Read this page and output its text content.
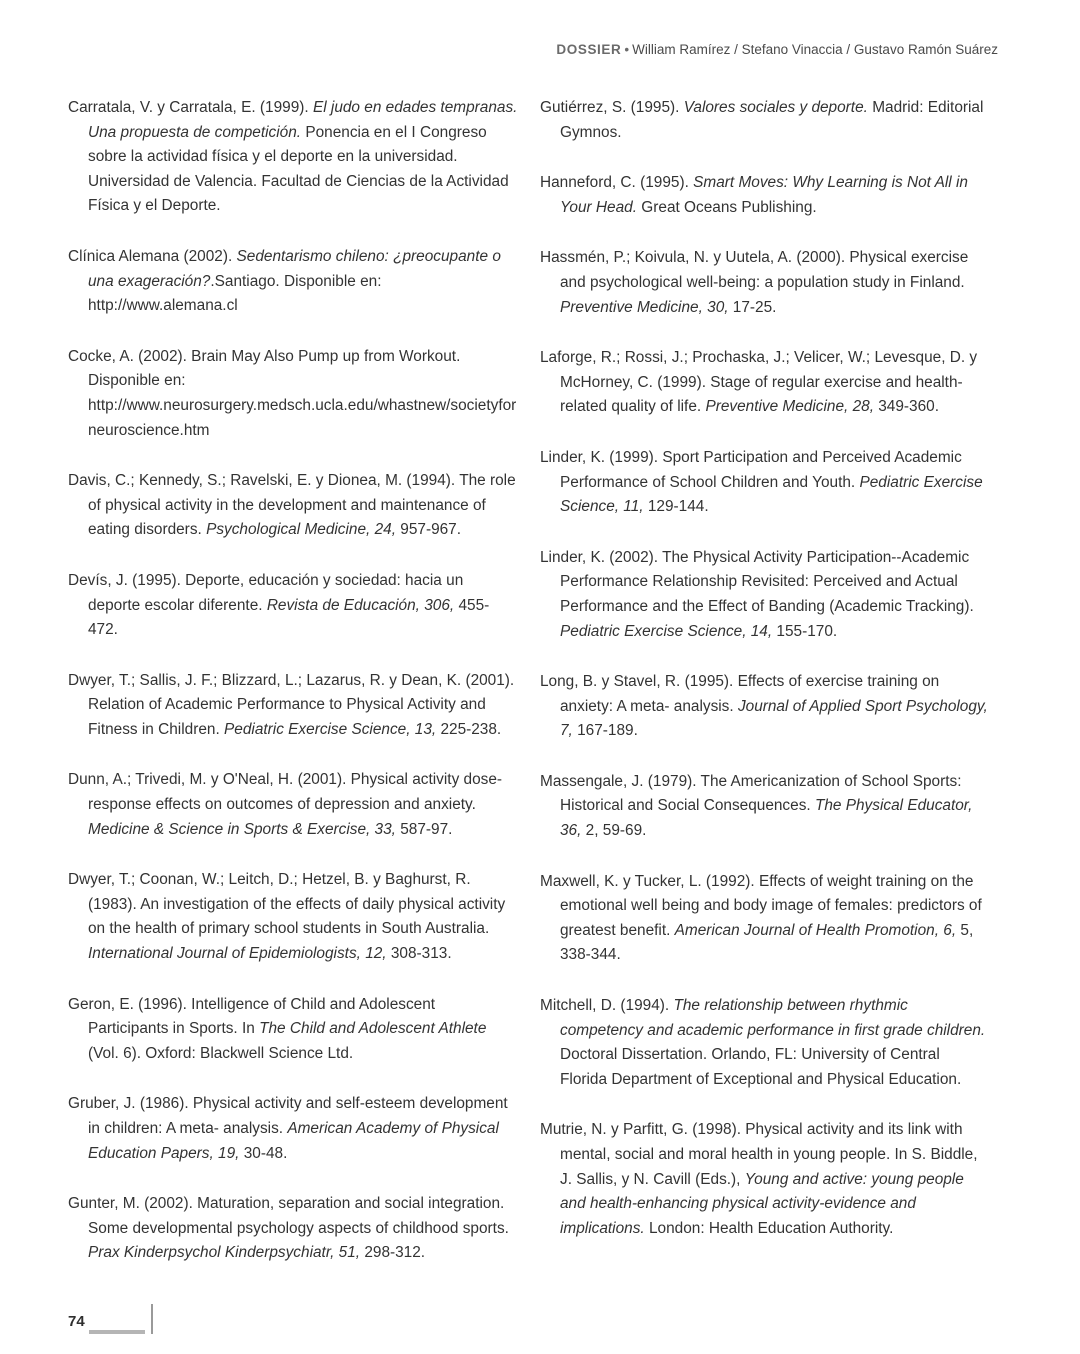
DOSSIER • William Ramírez / Stefano Vinaccia / Gustavo Ramón Suárez

Carratala, V. y Carratala, E. (1999). El judo en edades tempranas. Una propuesta de competición. Ponencia en el I Congreso sobre la actividad física y el deporte en la universidad. Universidad de Valencia. Facultad de Ciencias de la Actividad Física y el Deporte.

Clínica Alemana (2002). Sedentarismo chileno: ¿preocupante o una exageración?.Santiago. Disponible en: http://www.alemana.cl

Cocke, A. (2002). Brain May Also Pump up from Workout. Disponible en: http://www.neurosurgery.medsch.ucla.edu/whastnew/societyforneuroscience.htm

Davis, C.; Kennedy, S.; Ravelski, E. y Dionea, M. (1994). The role of physical activity in the development and maintenance of eating disorders. Psychological Medicine, 24, 957-967.

Devís, J. (1995). Deporte, educación y sociedad: hacia un deporte escolar diferente. Revista de Educación, 306, 455-472.

Dwyer, T.; Sallis, J. F.; Blizzard, L.; Lazarus, R. y Dean, K. (2001). Relation of Academic Performance to Physical Activity and Fitness in Children. Pediatric Exercise Science, 13, 225-238.

Dunn, A.; Trivedi, M. y O'Neal, H. (2001). Physical activity dose-response effects on outcomes of depression and anxiety. Medicine & Science in Sports & Exercise, 33, 587-97.

Dwyer, T.; Coonan, W.; Leitch, D.; Hetzel, B. y Baghurst, R. (1983). An investigation of the effects of daily physical activity on the health of primary school students in South Australia. International Journal of Epidemiologists, 12, 308-313.

Geron, E. (1996). Intelligence of Child and Adolescent Participants in Sports. In The Child and Adolescent Athlete (Vol. 6). Oxford: Blackwell Science Ltd.

Gruber, J. (1986). Physical activity and self-esteem development in children: A meta- analysis. American Academy of Physical Education Papers, 19, 30-48.

Gunter, M. (2002). Maturation, separation and social integration. Some developmental psychology aspects of childhood sports. Prax Kinderpsychol Kinderpsychiatr, 51, 298-312.

Gutiérrez, S. (1995). Valores sociales y deporte. Madrid: Editorial Gymnos.

Hanneford, C. (1995). Smart Moves: Why Learning is Not All in Your Head. Great Oceans Publishing.

Hassmén, P.; Koivula, N. y Uutela, A. (2000). Physical exercise and psychological well-being: a population study in Finland. Preventive Medicine, 30, 17-25.

Laforge, R.; Rossi, J.; Prochaska, J.; Velicer, W.; Levesque, D. y McHorney, C. (1999). Stage of regular exercise and health-related quality of life. Preventive Medicine, 28, 349-360.

Linder, K. (1999). Sport Participation and Perceived Academic Performance of School Children and Youth. Pediatric Exercise Science, 11, 129-144.

Linder, K. (2002). The Physical Activity Participation--Academic Performance Relationship Revisited: Perceived and Actual Performance and the Effect of Banding (Academic Tracking). Pediatric Exercise Science, 14, 155-170.

Long, B. y Stavel, R. (1995). Effects of exercise training on anxiety: A meta- analysis. Journal of Applied Sport Psychology, 7, 167-189.

Massengale, J. (1979). The Americanization of School Sports: Historical and Social Consequences. The Physical Educator, 36, 2, 59-69.

Maxwell, K. y Tucker, L. (1992). Effects of weight training on the emotional well being and body image of females: predictors of greatest benefit. American Journal of Health Promotion, 6, 5, 338-344.

Mitchell, D. (1994). The relationship between rhythmic competency and academic performance in first grade children. Doctoral Dissertation. Orlando, FL: University of Central Florida Department of Exceptional and Physical Education.

Mutrie, N. y Parfitt, G. (1998). Physical activity and its link with mental, social and moral health in young people. In S. Biddle, J. Sallis, y N. Cavill (Eds.), Young and active: young people and health-enhancing physical activity-evidence and implications. London: Health Education Authority.

74
